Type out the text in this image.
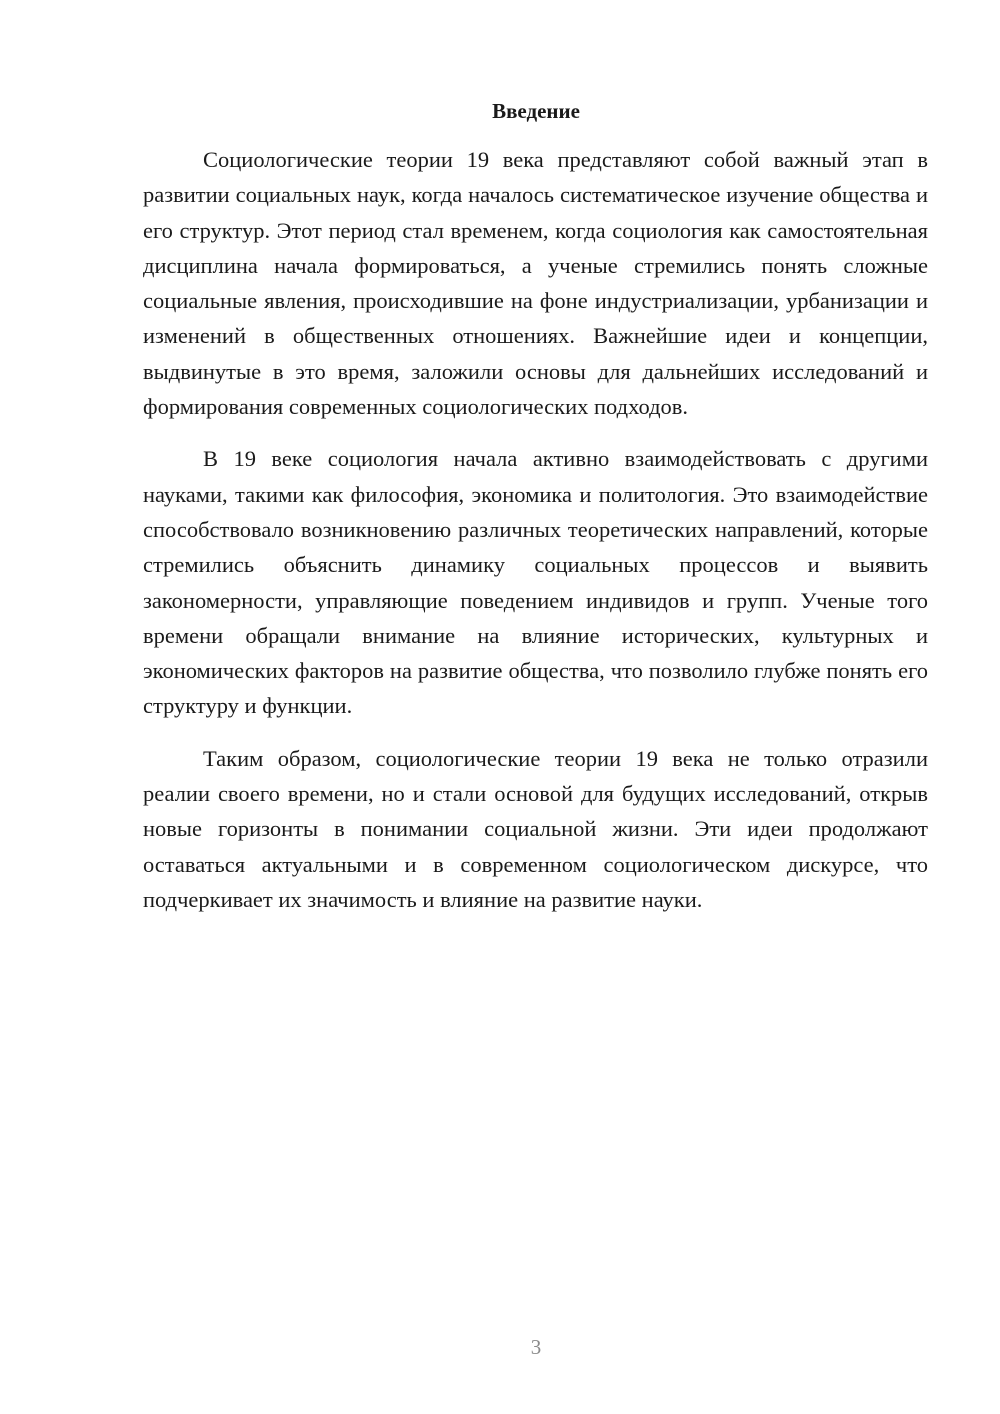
Введение

Социологические теории 19 века представляют собой важный этап в развитии социальных наук, когда началось систематическое изучение общества и его структур. Этот период стал временем, когда социология как самостоятельная дисциплина начала формироваться, а ученые стремились понять сложные социальные явления, происходившие на фоне индустриализации, урбанизации и изменений в общественных отношениях. Важнейшие идеи и концепции, выдвинутые в это время, заложили основы для дальнейших исследований и формирования современных социологических подходов.

В 19 веке социология начала активно взаимодействовать с другими науками, такими как философия, экономика и политология. Это взаимодействие способствовало возникновению различных теоретических направлений, которые стремились объяснить динамику социальных процессов и выявить закономерности, управляющие поведением индивидов и групп. Ученые того времени обращали внимание на влияние исторических, культурных и экономических факторов на развитие общества, что позволило глубже понять его структуру и функции.

Таким образом, социологические теории 19 века не только отразили реалии своего времени, но и стали основой для будущих исследований, открыв новые горизонты в понимании социальной жизни. Эти идеи продолжают оставаться актуальными и в современном социологическом дискурсе, что подчеркивает их значимость и влияние на развитие науки.

3
